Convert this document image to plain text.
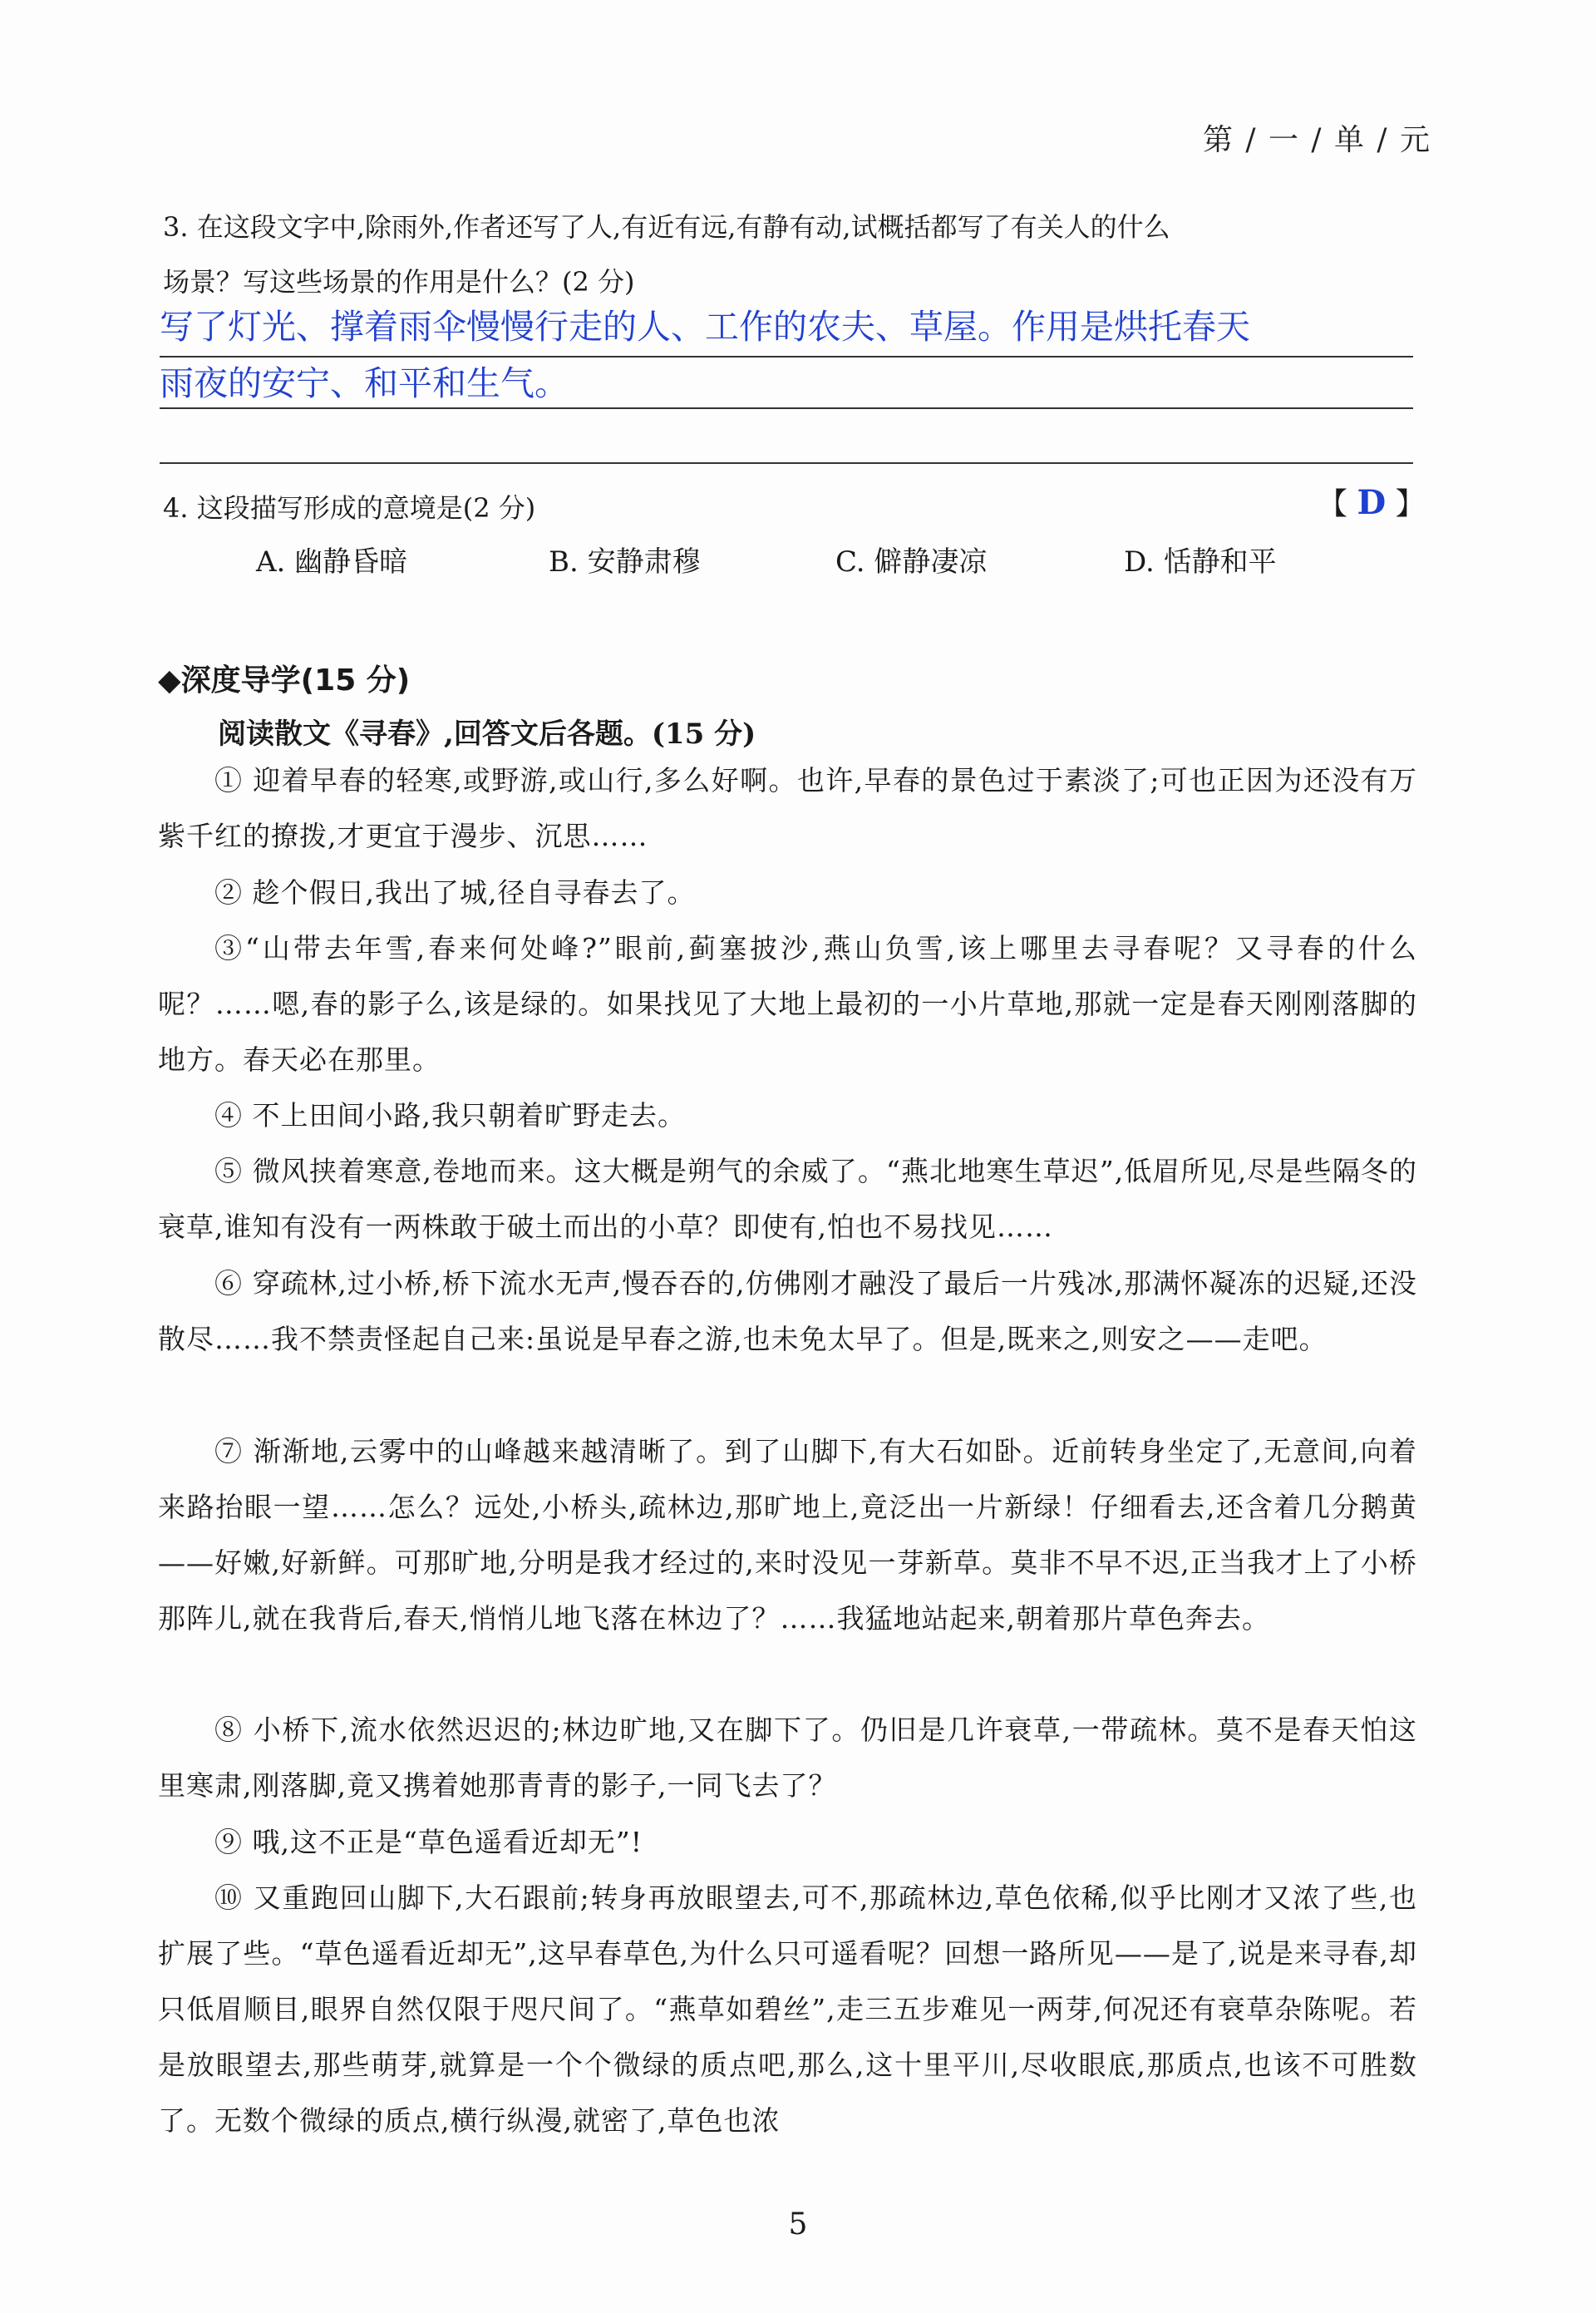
第 / 一 / 单 / 元
3. 在这段文字中,除雨外,作者还写了人,有近有远,有静有动,试概括都写了有关人的什么
场景？写这些场景的作用是什么？(2 分)
写了灯光、撑着雨伞慢慢行走的人、工作的农夫、草屋。作用是烘托春天
雨夜的安宁、和平和生气。
4. 这段描写形成的意境是(2 分)	【 D 】
A. 幽静昏暗	B. 安静肃穆	C. 僻静凄凉	D. 恬静和平
◆深度导学(15 分)
阅读散文《寻春》,回答文后各题。(15 分)
① 迎着早春的轻寒,或野游,或山行,多么好啊。也许,早春的景色过于素淡了;可也正因为还没有万紫千红的撩拨,才更宜于漫步、沉思……
② 趁个假日,我出了城,径自寻春去了。
③“山带去年雪,春来何处峰?”眼前,蓟塞披沙,燕山负雪,该上哪里去寻春呢？又寻春的什么呢？……嗯,春的影子么,该是绿的。如果找见了大地上最初的一小片草地,那就一定是春天刚刚落脚的地方。春天必在那里。
④ 不上田间小路,我只朝着旷野走去。
⑤ 微风挟着寒意,卷地而来。这大概是朔气的余威了。“燕北地寒生草迟”,低眉所见,尽是些隔冬的衰草,谁知有没有一两株敢于破土而出的小草？即使有,怕也不易找见……
⑥ 穿疏林,过小桥,桥下流水无声,慢吞吞的,仿佛刚才融没了最后一片残冰,那满怀凝冻的迟疑,还没散尽……我不禁责怪起自己来:虽说是早春之游,也未免太早了。但是,既来之,则安之——走吧。
⑦ 渐渐地,云雾中的山峰越来越清晰了。到了山脚下,有大石如卧。近前转身坐定了,无意间,向着来路抬眼一望……怎么？远处,小桥头,疏林边,那旷地上,竟泛出一片新绿！仔细看去,还含着几分鹅黄——好嫩,好新鲜。可那旷地,分明是我才经过的,来时没见一芽新草。莫非不早不迟,正当我才上了小桥那阵儿,就在我背后,春天,悄悄儿地飞落在林边了？……我猛地站起来,朝着那片草色奔去。
⑧ 小桥下,流水依然迟迟的;林边旷地,又在脚下了。仍旧是几许衰草,一带疏林。莫不是春天怕这里寒肃,刚落脚,竟又携着她那青青的影子,一同飞去了？
⑨ 哦,这不正是“草色遥看近却无”!
⑩ 又重跑回山脚下,大石跟前;转身再放眼望去,可不,那疏林边,草色依稀,似乎比刚才又浓了些,也扩展了些。“草色遥看近却无”,这早春草色,为什么只可遥看呢？回想一路所见——是了,说是来寻春,却只低眉顺目,眼界自然仅限于咫尺间了。“燕草如碧丝”,走三五步难见一两芽,何况还有衰草杂陈呢。若是放眼望去,那些萌芽,就算是一个个微绿的质点吧,那么,这十里平川,尽收眼底,那质点,也该不可胜数了。无数个微绿的质点,横行纵漫,就密了,草色也浓
5
